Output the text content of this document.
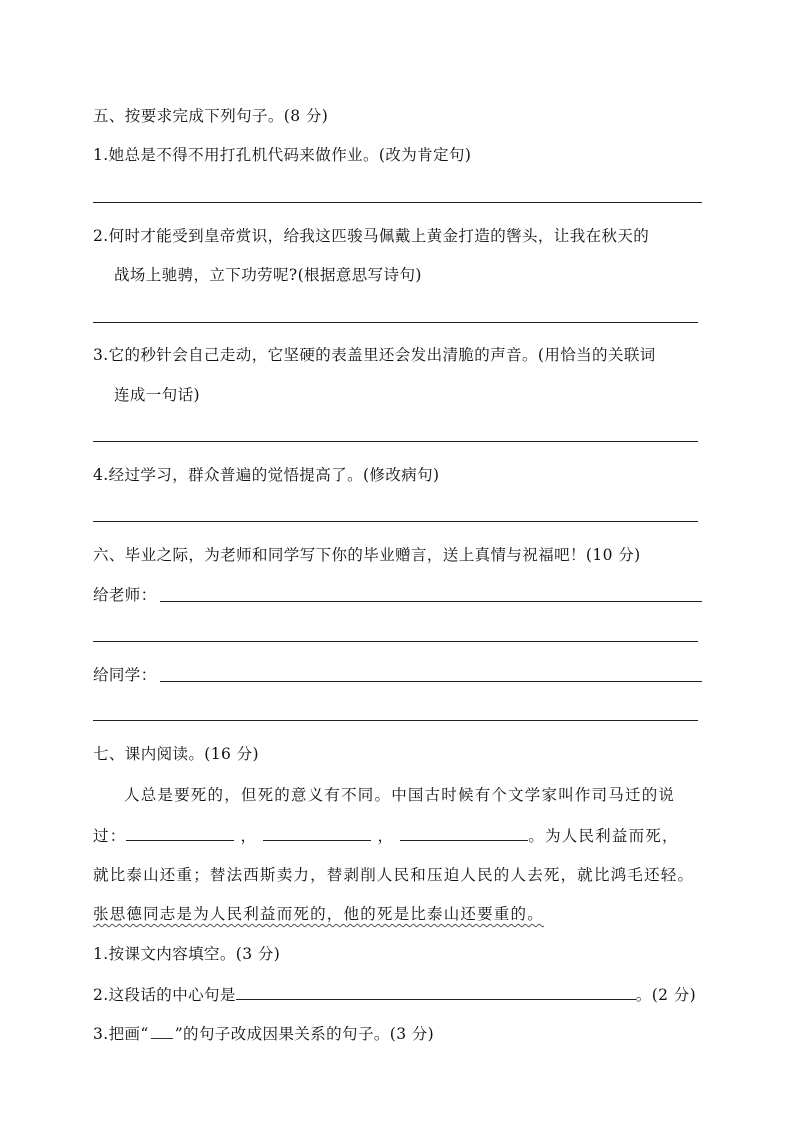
五、按要求完成下列句子。(8 分)
1.她总是不得不用打孔机代码来做作业。(改为肯定句)
2.何时才能受到皇帝赏识，给我这匹骏马佩戴上黄金打造的辔头，让我在秋天的
战场上驰骋，立下功劳呢?(根据意思写诗句)
3.它的秒针会自己走动，它坚硬的表盖里还会发出清脆的声音。(用恰当的关联词
连成一句话)
4.经过学习，群众普遍的觉悟提高了。(修改病句)
六、毕业之际，为老师和同学写下你的毕业赠言，送上真情与祝福吧！(10 分)
给老师：
给同学：
七、课内阅读。(16 分)
人总是要死的，但死的意义有不同。中国古时候有个文学家叫作司马迁的说
过：	，	，	。为人民利益而死，
就比泰山还重；替法西斯卖力，替剥削人民和压迫人民的人去死，就比鸿毛还轻。
张思德同志是为人民利益而死的，他的死是比泰山还要重的。
1.按课文内容填空。(3 分)
2.这段话的中心句是	。(2 分)
3.把画“ ”的句子改成因果关系的句子。(3 分)
